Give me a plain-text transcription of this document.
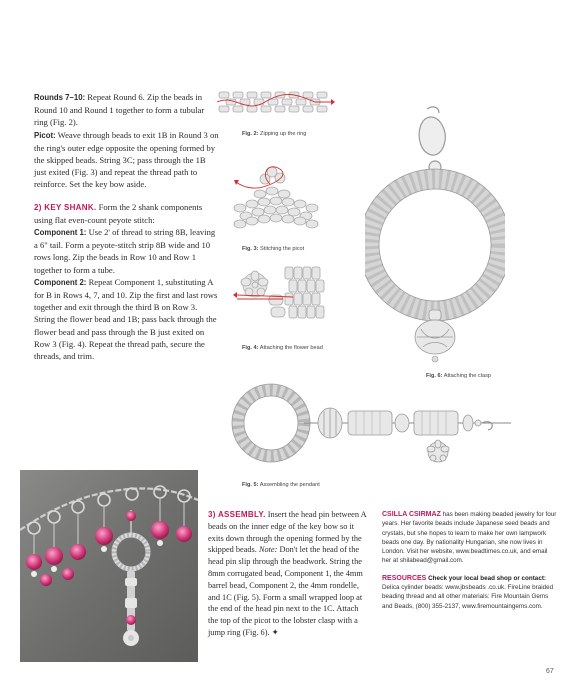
Rounds 7–10: Repeat Round 6. Zip the beads in Round 10 and Round 1 together to form a tubular ring (Fig. 2).

Picot: Weave through beads to exit 1B in Round 3 on the ring's outer edge opposite the opening formed by the skipped beads. String 3C; pass through the 1B just exited (Fig. 3) and repeat the thread path to reinforce. Set the key bow aside.

2) KEY SHANK. Form the 2 shank components using flat even-count peyote stitch:

Component 1: Use 2' of thread to string 8B, leaving a 6" tail. Form a peyote-stitch strip 8B wide and 10 rows long. Zip the beads in Row 10 and Row 1 together to form a tube.

Component 2: Repeat Component 1, substituting A for B in Rows 4, 7, and 10. Zip the first and last rows together and exit through the third B on Row 3. String the flower bead and 1B; pass back through the flower bead and pass through the B just exited on Row 3 (Fig. 4). Repeat the thread path, secure the threads, and trim.

Fig. 2: Zipping up the ring
Fig. 3: Stitching the picot
Fig. 4: Attaching the flower bead
Fig. 6: Attaching the clasp
Fig. 5: Assembling the pendant

3) ASSEMBLY. Insert the head pin between A beads on the inner edge of the key bow so it exits down through the opening formed by the skipped beads. Note: Don't let the head of the head pin slip through the beadwork. String the 8mm corrugated bead, Component 1, the 4mm barrel bead, Component 2, the 4mm rondelle, and 1C (Fig. 5). Form a small wrapped loop at the end of the head pin next to the 1C. Attach the top of the picot to the lobster clasp with a jump ring (Fig. 6). ✦

CSILLA CSIRMAZ has been making beaded jewelry for four years. Her favorite beads include Japanese seed beads and crystals, but she hopes to learn to make her own lampwork beads one day. By nationality Hungarian, she now lives in London. Visit her website, www.beadtimes.co.uk, and email her at shilabead@gmail.com.

RESOURCES Check your local bead shop or contact: Delica cylinder beads: www.jbsbeads .co.uk. FireLine braided beading thread and all other materials: Fire Mountain Gems and Beads, (800) 355-2137, www.firemountaingems.com.

67
